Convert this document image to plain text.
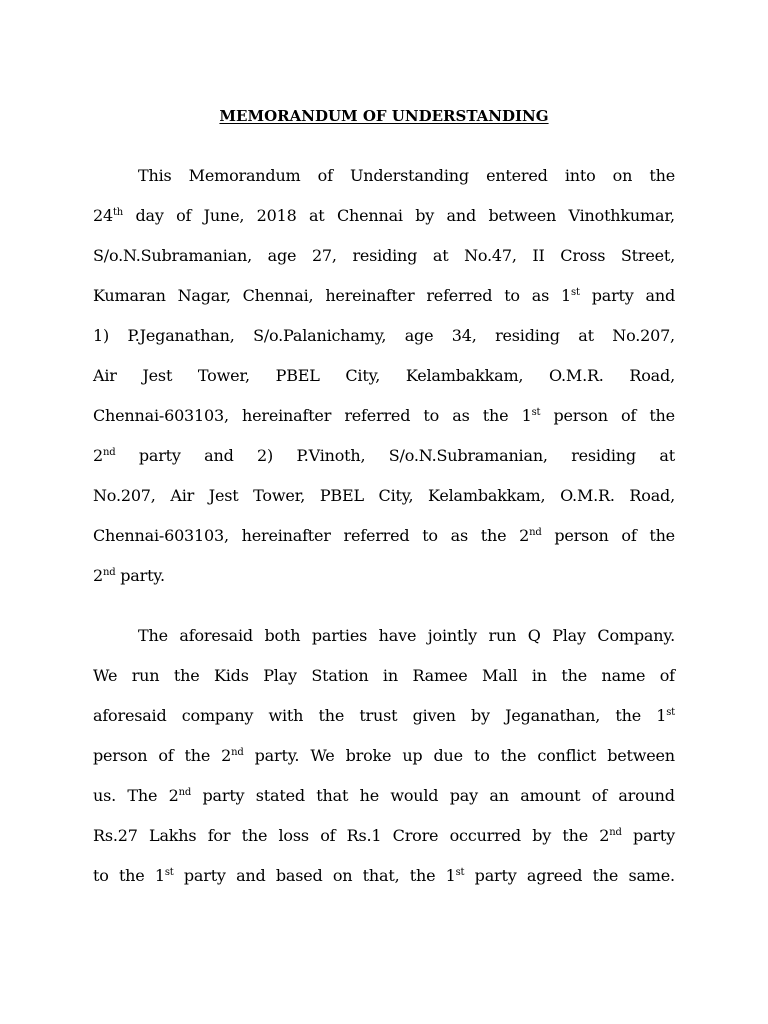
MEMORANDUM OF UNDERSTANDING
This Memorandum of Understanding entered into on the
24th day of June, 2018 at Chennai by and between Vinothkumar,
S/o.N.Subramanian, age 27, residing at No.47, II Cross Street,
Kumaran Nagar, Chennai, hereinafter referred to as 1st party and
1) P.Jeganathan, S/o.Palanichamy, age 34, residing at No.207,
Air Jest Tower, PBEL City, Kelambakkam, O.M.R. Road,
Chennai-603103, hereinafter referred to as the 1st person of the
2nd party and 2) P.Vinoth, S/o.N.Subramanian, residing at
No.207, Air Jest Tower, PBEL City, Kelambakkam, O.M.R. Road,
Chennai-603103, hereinafter referred to as the 2nd person of the
2nd party.
The aforesaid both parties have jointly run Q Play Company.
We run the Kids Play Station in Ramee Mall in the name of
aforesaid company with the trust given by Jeganathan, the 1st
person of the 2nd party. We broke up due to the conflict between
us. The 2nd party stated that he would pay an amount of around
Rs.27 Lakhs for the loss of Rs.1 Crore occurred by the 2nd party
to the 1st party and based on that, the 1st party agreed the same.
